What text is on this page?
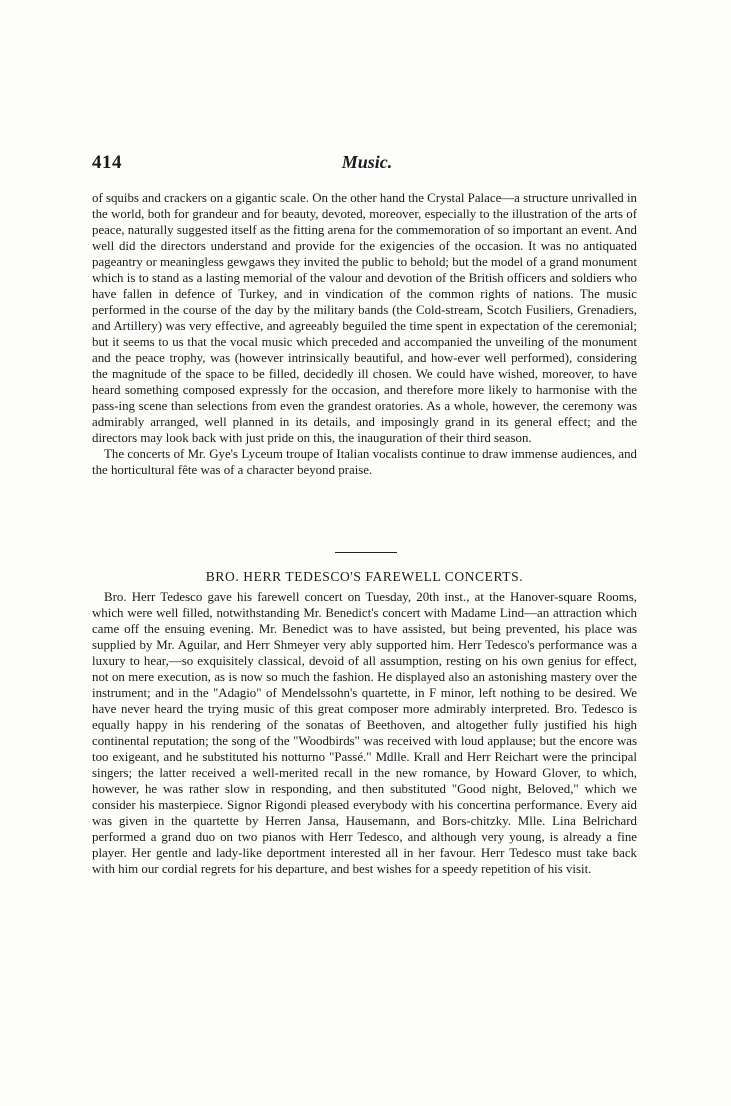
414	Music.

of squibs and crackers on a gigantic scale. On the other hand the Crystal Palace—a structure unrivalled in the world, both for grandeur and for beauty, devoted, moreover, especially to the illustration of the arts of peace, naturally suggested itself as the fitting arena for the commemoration of so important an event. And well did the directors understand and provide for the exigencies of the occasion. It was no antiquated pageantry or meaningless gewgaws they invited the public to behold; but the model of a grand monument which is to stand as a lasting memorial of the valour and devotion of the British officers and soldiers who have fallen in defence of Turkey, and in vindication of the common rights of nations. The music performed in the course of the day by the military bands (the Cold-stream, Scotch Fusiliers, Grenadiers, and Artillery) was very effective, and agreeably beguiled the time spent in expectation of the ceremonial; but it seems to us that the vocal music which preceded and accompanied the unveiling of the monument and the peace trophy, was (however intrinsically beautiful, and how-ever well performed), considering the magnitude of the space to be filled, decidedly ill chosen. We could have wished, moreover, to have heard something composed expressly for the occasion, and therefore more likely to harmonise with the pass-ing scene than selections from even the grandest oratories. As a whole, however, the ceremony was admirably arranged, well planned in its details, and imposingly grand in its general effect; and the directors may look back with just pride on this, the inauguration of their third season.

The concerts of Mr. Gye's Lyceum troupe of Italian vocalists continue to draw immense audiences, and the horticultural fête was of a character beyond praise.

BRO. HERR TEDESCO'S FAREWELL CONCERTS.

Bro. Herr Tedesco gave his farewell concert on Tuesday, 20th inst., at the Hanover-square Rooms, which were well filled, notwithstanding Mr. Benedict's concert with Madame Lind—an attraction which came off the ensuing evening. Mr. Benedict was to have assisted, but being prevented, his place was supplied by Mr. Aguilar, and Herr Shmeyer very ably supported him. Herr Tedesco's performance was a luxury to hear,—so exquisitely classical, devoid of all assumption, resting on his own genius for effect, not on mere execution, as is now so much the fashion. He displayed also an astonishing mastery over the instrument; and in the "Adagio" of Mendelssohn's quartette, in F minor, left nothing to be desired. We have never heard the trying music of this great composer more admirably interpreted. Bro. Tedesco is equally happy in his rendering of the sonatas of Beethoven, and altogether fully justified his high continental reputation; the song of the "Woodbirds" was received with loud applause; but the encore was too exigeant, and he substituted his notturno "Passé." Mdlle. Krall and Herr Reichart were the principal singers; the latter received a well-merited recall in the new romance, by Howard Glover, to which, however, he was rather slow in responding, and then substituted "Good night, Beloved," which we consider his masterpiece. Signor Rigondi pleased everybody with his concertina performance. Every aid was given in the quartette by Herren Jansa, Hausemann, and Bors-chitzky. Mlle. Lina Belrichard performed a grand duo on two pianos with Herr Tedesco, and although very young, is already a fine player. Her gentle and lady-like deportment interested all in her favour. Herr Tedesco must take back with him our cordial regrets for his departure, and best wishes for a speedy repetition of his visit.
